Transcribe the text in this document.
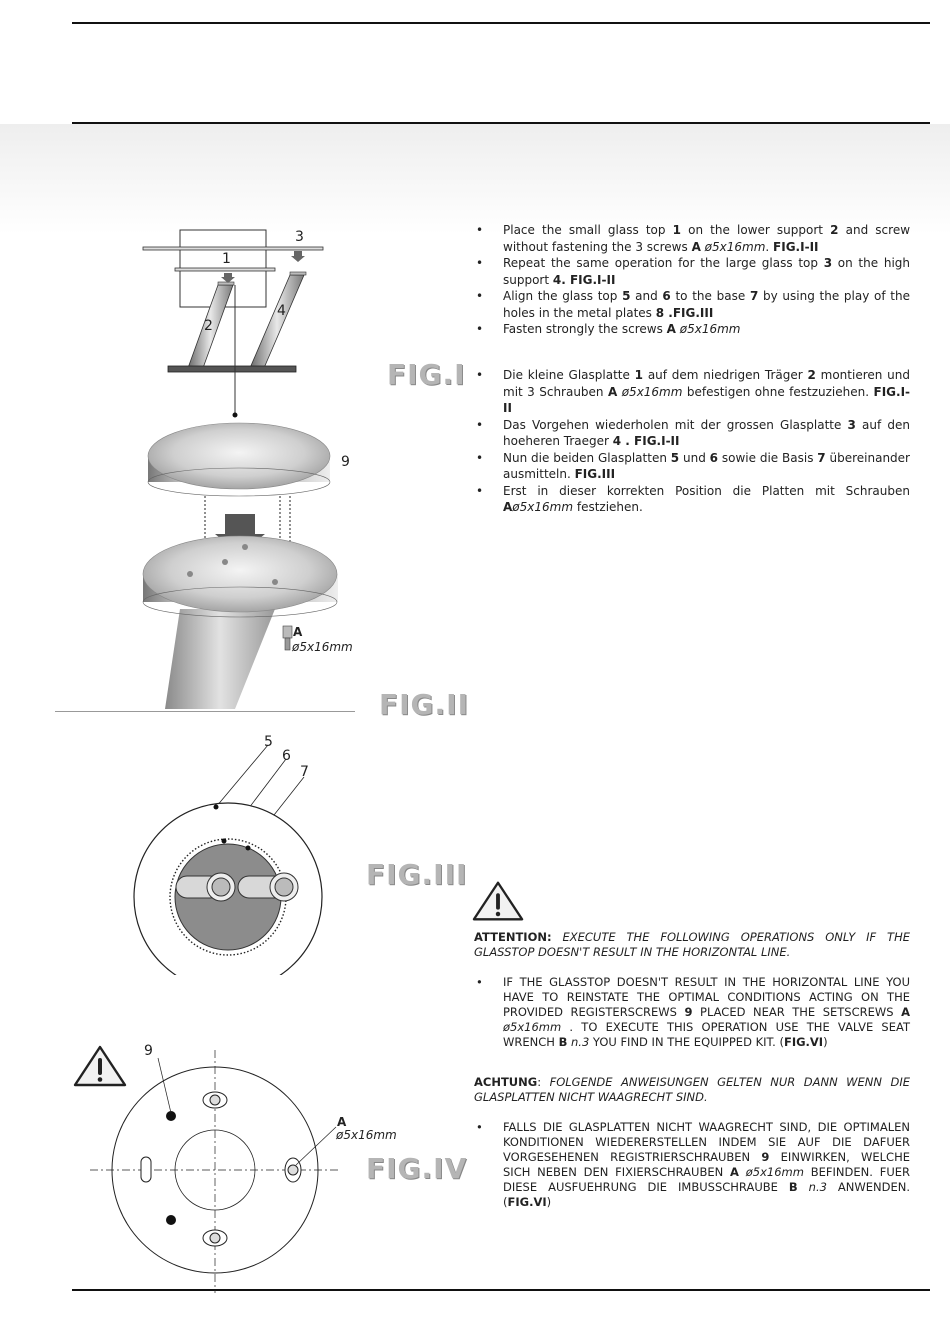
1
2
3
4
FIG.I
9
A
ø5x16mm
FIG.II
5
6
7
FIG.III
9
A
ø5x16mm
FIG.IV
• Place the small glass top 1 on the lower support 2 and screw without fastening the 3 screws A ø5x16mm. FIG.I-II
• Repeat the same operation for the large glass top 3 on the high support 4. FIG.I-II
• Align the glass top 5 and 6 to the base 7 by using the play of the holes in the metal plates 8 .FIG.III
• Fasten strongly the screws A ø5x16mm
• Die kleine Glasplatte 1 auf dem niedrigen Träger 2 montieren und mit 3 Schrauben A ø5x16mm befestigen ohne festzuziehen. FIG.I-II
• Das Vorgehen wiederholen mit der grossen Glasplatte 3 auf den hoeheren Traeger 4 . FIG.I-II
• Nun die beiden Glasplatten 5 und 6 sowie die Basis 7 übereinander ausmitteln. FIG.III
• Erst in dieser korrekten Position die Platten mit Schrauben Aø5x16mm festziehen.
ATTENTION: EXECUTE THE FOLLOWING OPERATIONS ONLY IF THE GLASSTOP DOESN'T RESULT IN THE HORIZONTAL LINE.
• IF THE GLASSTOP DOESN'T RESULT IN THE HORIZONTAL LINE YOU HAVE TO REINSTATE THE OPTIMAL CONDITIONS ACTING ON THE PROVIDED REGISTERSCREWS 9 PLACED NEAR THE SETSCREWS A ø5x16mm . TO EXECUTE THIS OPERATION USE THE VALVE SEAT WRENCH B n.3 YOU FIND IN THE EQUIPPED KIT. (FIG.VI)
ACHTUNG: FOLGENDE ANWEISUNGEN GELTEN NUR DANN WENN DIE GLASPLATTEN NICHT WAAGRECHT SIND.
• FALLS DIE GLASPLATTEN NICHT WAAGRECHT SIND, DIE OPTIMALEN KONDITIONEN WIEDERERSTELLEN INDEM SIE AUF DIE DAFUER VORGESEHENEN REGISTRIERSCHRAUBEN 9 EINWIRKEN, WELCHE SICH NEBEN DEN FIXIERSCHRAUBEN A ø5x16mm BEFINDEN. FUER DIESE AUSFUEHRUNG DIE IMBUSSCHRAUBE B n.3 ANWENDEN. (FIG.VI)
